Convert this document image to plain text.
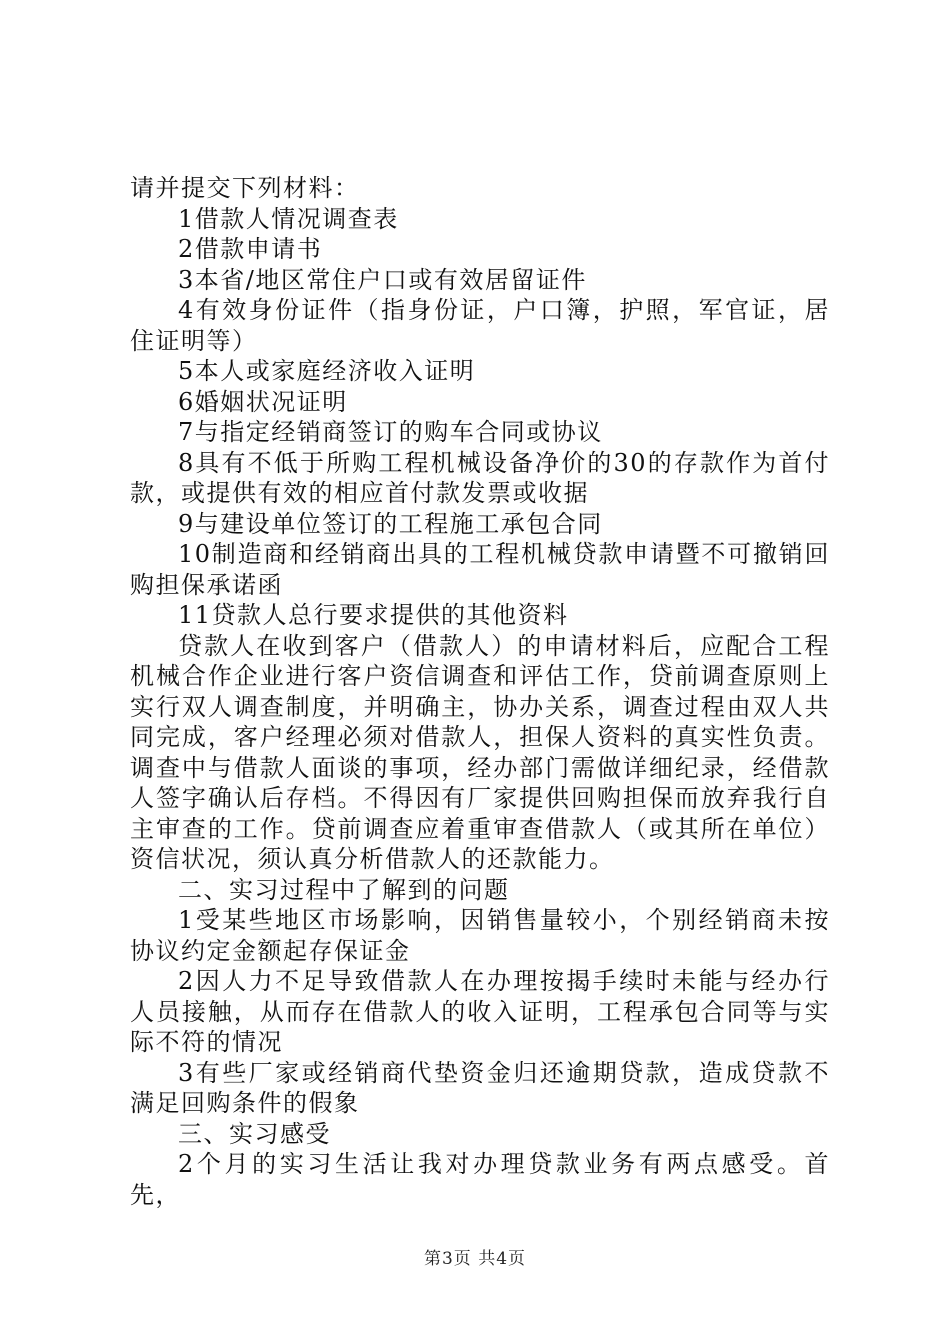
请并提交下列材料：

1借款人情况调查表

2借款申请书

3本省/地区常住户口或有效居留证件

4有效身份证件（指身份证，户口簿，护照，军官证，居住证明等）

5本人或家庭经济收入证明

6婚姻状况证明

7与指定经销商签订的购车合同或协议

8具有不低于所购工程机械设备净价的30的存款作为首付款，或提供有效的相应首付款发票或收据

9与建设单位签订的工程施工承包合同

10制造商和经销商出具的工程机械贷款申请暨不可撤销回购担保承诺函

11贷款人总行要求提供的其他资料

贷款人在收到客户（借款人）的申请材料后，应配合工程机械合作企业进行客户资信调查和评估工作，贷前调查原则上实行双人调查制度，并明确主，协办关系，调查过程由双人共同完成，客户经理必须对借款人，担保人资料的真实性负责。调查中与借款人面谈的事项，经办部门需做详细纪录，经借款人签字确认后存档。不得因有厂家提供回购担保而放弃我行自主审查的工作。贷前调查应着重审查借款人（或其所在单位）资信状况，须认真分析借款人的还款能力。

二、实习过程中了解到的问题

1受某些地区市场影响，因销售量较小，个别经销商未按协议约定金额起存保证金

2因人力不足导致借款人在办理按揭手续时未能与经办行人员接触，从而存在借款人的收入证明，工程承包合同等与实际不符的情况

3有些厂家或经销商代垫资金归还逾期贷款，造成贷款不满足回购条件的假象

三、实习感受

2个月的实习生活让我对办理贷款业务有两点感受。首先，

第3页 共4页
